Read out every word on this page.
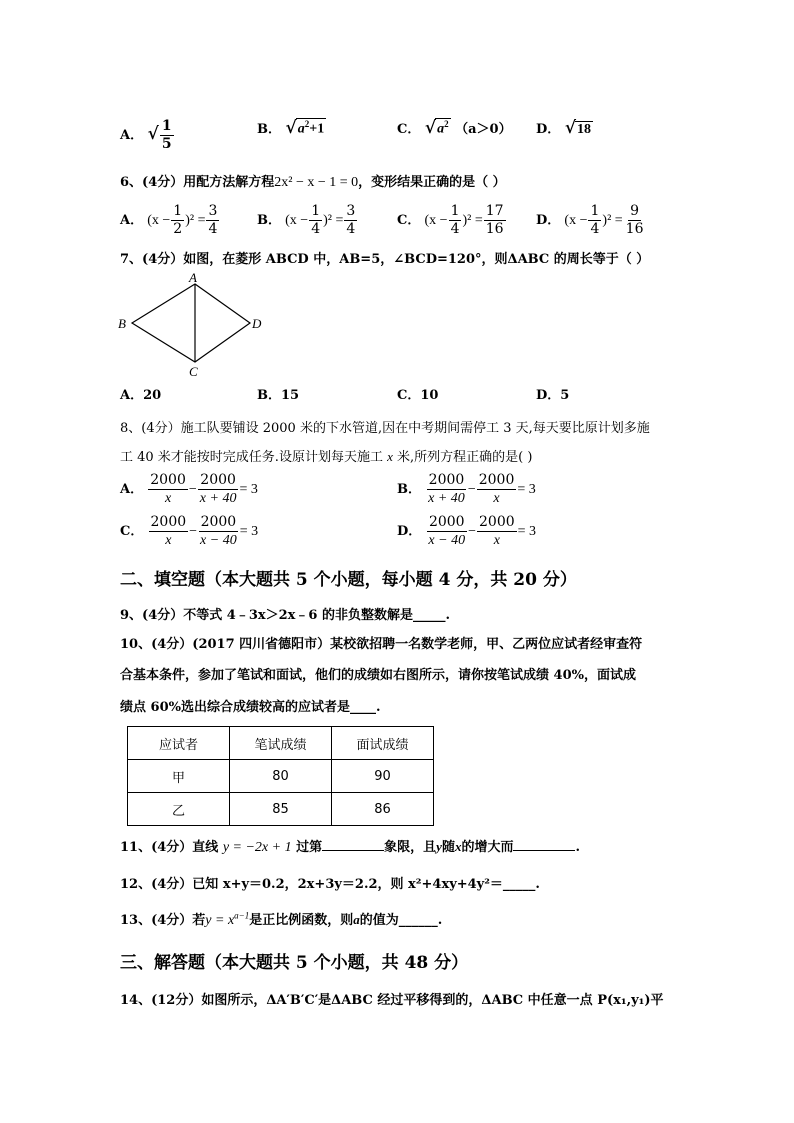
A． √ $\frac{1}{5}$	B． $√a^2+1$	C． $√a^2$ （a＞0） D． √18
6、(4分）用配方法解方程2x² − x − 1 = 0，变形结果正确的是（ ）
A． $(x - \frac{1}{2} )^2 = \frac{3}{4}$	B． $(x - \frac{1}{4} )^2 = \frac{3}{4}$	C． $(x - \frac{1}{4} )^2 = \frac{17}{16}$ D． $(x - \frac{1}{4} )^2 = \frac{9}{16}$
7、(4分）如图，在菱形 ABCD 中，AB=5，∠BCD=120°，则ΔABC 的周长等于（ ）
A
B
C
D
A．20	B．15	C．10	D．5
8、(4分）施工队要铺设 2000 米的下水管道,因在中考期间需停工 3 天,每天要比原计划多施
工 40 米才能按时完成任务.设原计划每天施工 x 米,所列方程正确的是( )
A． $\frac{2000}{x} - \frac{2000}{x + 40} = 3$	B． $\frac{2000}{x + 40} - \frac{2000}{x} = 3$
C． $\frac{2000}{x} - \frac{2000}{x - 40} = 3$	D． $\frac{2000}{x - 40} - \frac{2000}{x} = 3$
二、填空题（本大题共 5 个小题，每小题 4 分，共 20 分）
9、(4分）不等式 4﹣3x＞2x﹣6 的非负整数解是_____.
10、(4分）(2017 四川省德阳市）某校欲招聘一名数学老师，甲、乙两位应试者经审查符
合基本条件，参加了笔试和面试，他们的成绩如右图所示，请你按笔试成绩 40%，面试成
绩点 60%选出综合成绩较高的应试者是____.
应试者	笔试成绩	面试成绩
甲	80	90
乙	85	86
11、(4分）直线 y = −2x + 1 过第	象限，且y随x的增大而	.
12、(4分）已知 x+y＝0.2，2x+3y＝2.2，则 x²+4xy+4y²＝_____.
13、(4分）若$y = x^{a-1}$是正比例函数，则a的值为______.
三、解答题（本大题共 5 个小题，共 48 分）
14、(12分）如图所示，ΔA′B′C′是ΔABC 经过平移得到的，ΔABC 中任意一点 P(x₁,y₁)平
